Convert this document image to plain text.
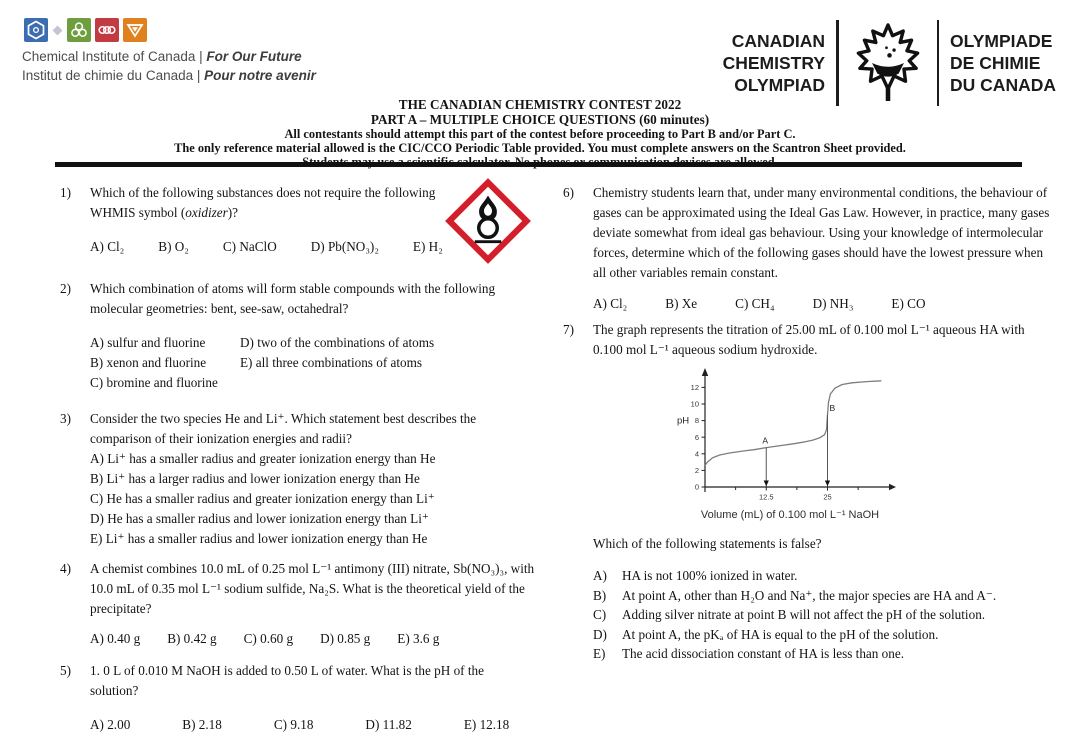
Chemical Institute of Canada | For Our Future
Institut de chimie du Canada | Pour notre avenir
CANADIAN
CHEMISTRY
OLYMPIAD
OLYMPIADE
DE CHIMIE
DU CANADA
THE CANADIAN CHEMISTRY CONTEST 2022
PART A – MULTIPLE CHOICE QUESTIONS (60 minutes)
All contestants should attempt this part of the contest before proceeding to Part B and/or Part C.
The only reference material allowed is the CIC/CCO Periodic Table provided. You must complete answers on the Scantron Sheet provided.
Students may use a scientific calculator. No phones or communication devices are allowed.
1)	Which of the following substances does not require the following WHMIS symbol (oxidizer)?
A) Cl₂	B) O₂	C) NaClO	D) Pb(NO₃)₂	E) H₂
2)	Which combination of atoms will form stable compounds with the following molecular geometries: bent, see-saw, octahedral?
A) sulfur and fluorine
B) xenon and fluorine
C) bromine and fluorine
D) two of the combinations of atoms
E) all three combinations of atoms
3)	Consider the two species He and Li⁺. Which statement best describes the comparison of their ionization energies and radii?
A) Li⁺ has a smaller radius and greater ionization energy than He
B) Li⁺ has a larger radius and lower ionization energy than He
C) He has a smaller radius and greater ionization energy than Li⁺
D) He has a smaller radius and lower ionization energy than Li⁺
E) Li⁺ has a smaller radius and lower ionization energy than He
4)	A chemist combines 10.0 mL of 0.25 mol L⁻¹ antimony (III) nitrate, Sb(NO₃)₃, with 10.0 mL of 0.35 mol L⁻¹ sodium sulfide, Na₂S. What is the theoretical yield of the precipitate?
A) 0.40 g B) 0.42 g C) 0.60 g D) 0.85 g E) 3.6 g
5)	1. 0 L of 0.010 M NaOH is added to 0.50 L of water. What is the pH of the solution?
A) 2.00	B) 2.18	C) 9.18	D) 11.82	E) 12.18
6)	Chemistry students learn that, under many environmental conditions, the behaviour of gases can be approximated using the Ideal Gas Law. However, in practice, many gases deviate somewhat from ideal gas behaviour. Using your knowledge of intermolecular forces, determine which of the following gases should have the lowest pressure when all other variables remain constant.
A) Cl₂	B) Xe	C) CH₄	D) NH₃	E) CO
7)	The graph represents the titration of 25.00 mL of 0.100 mol L⁻¹ aqueous HA with 0.100 mol L⁻¹ aqueous sodium hydroxide.
pH
0
2
4
6
8
10
12
12.5	25
A
B
Volume (mL) of 0.100 mol L⁻¹ NaOH
Which of the following statements is false?
A)	HA is not 100% ionized in water.
B)	At point A, other than H₂O and Na⁺, the major species are HA and A⁻.
C)	Adding silver nitrate at point B will not affect the pH of the solution.
D)	At point A, the pKₐ of HA is equal to the pH of the solution.
E)	The acid dissociation constant of HA is less than one.
